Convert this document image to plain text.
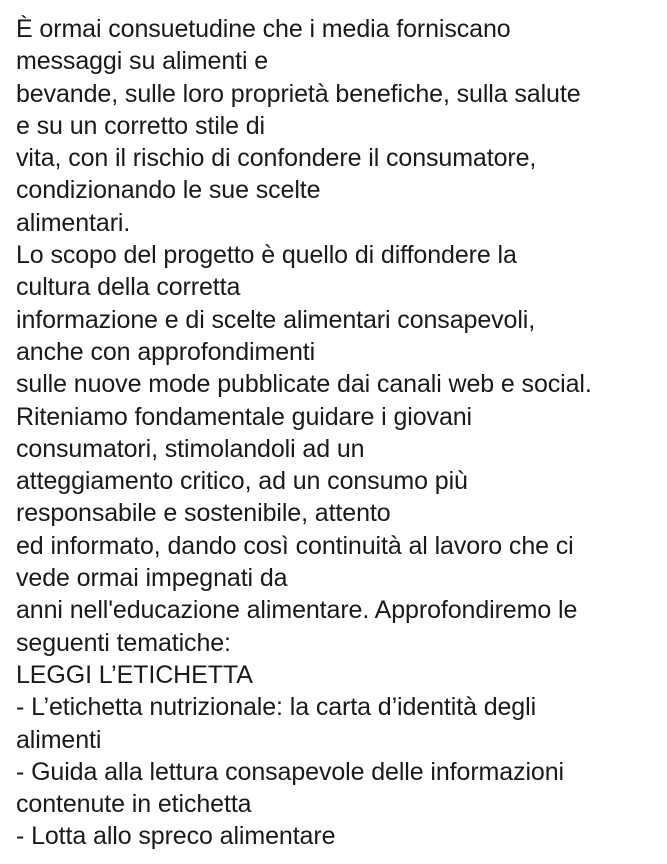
È ormai consuetudine che i media forniscano
messaggi su alimenti e
bevande, sulle loro proprietà benefiche, sulla salute
e su un corretto stile di
vita, con il rischio di confondere il consumatore,
condizionando le sue scelte
alimentari.
Lo scopo del progetto è quello di diffondere la
cultura della corretta
informazione e di scelte alimentari consapevoli,
anche con approfondimenti
sulle nuove mode pubblicate dai canali web e social.
Riteniamo fondamentale guidare i giovani
consumatori, stimolandoli ad un
atteggiamento critico, ad un consumo più
responsabile e sostenibile, attento
ed informato, dando così continuità al lavoro che ci
vede ormai impegnati da
anni nell'educazione alimentare. Approfondiremo le
seguenti tematiche:
LEGGI L’ETICHETTA
- L’etichetta nutrizionale: la carta d’identità degli
alimenti
- Guida alla lettura consapevole delle informazioni
contenute in etichetta
- Lotta allo spreco alimentare
